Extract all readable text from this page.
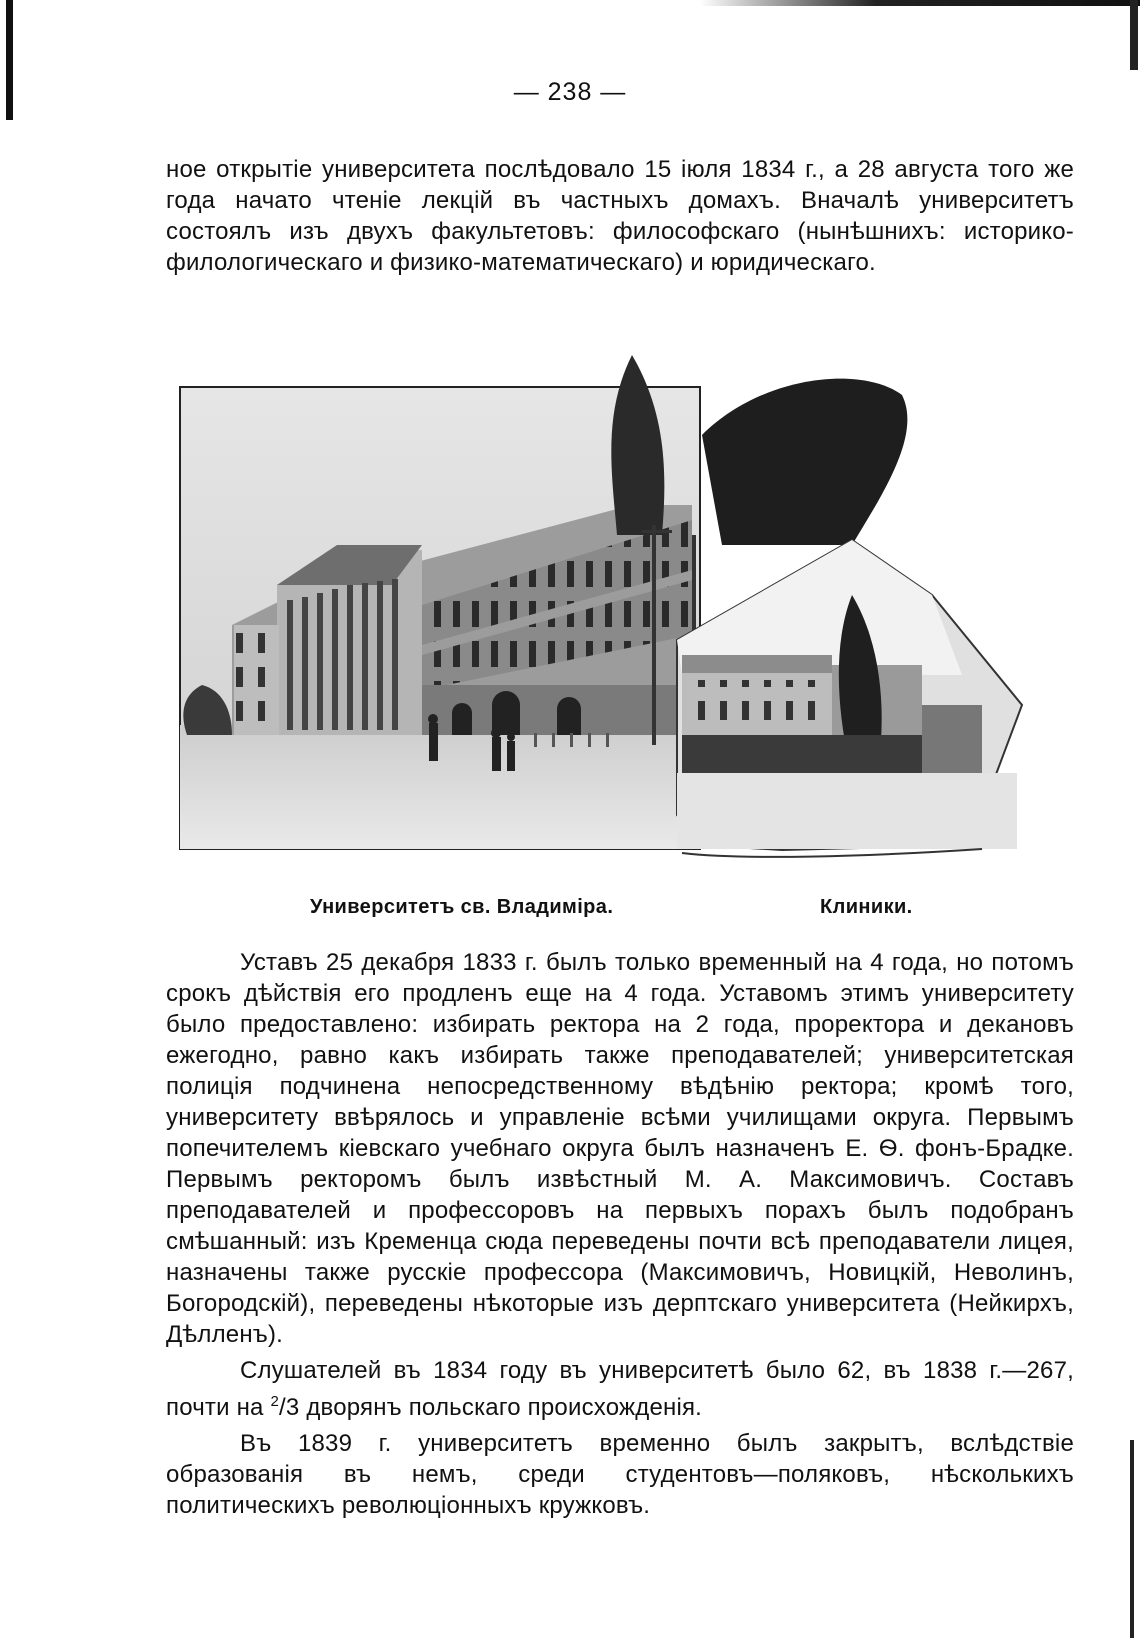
— 238 —

ное открытіе университета послѣдовало 15 іюля 1834 г., а 28 августа того же года начато чтеніе лекцій въ частныхъ домахъ. Вначалѣ университетъ состоялъ изъ двухъ факультетовъ: философскаго (нынѣшнихъ: историко-филологическаго и физико-математическаго) и юридическаго.

Университетъ св. Владиміра.	Клиники.

Уставъ 25 декабря 1833 г. былъ только временный на 4 года, но потомъ срокъ дѣйствія его продленъ еще на 4 года. Уставомъ этимъ университету было предоставлено: избирать ректора на 2 года, проректора и декановъ ежегодно, равно какъ избирать также преподавателей; университетская полиція подчинена непосредственному вѣдѣнію ректора; кромѣ того, университету ввѣрялось и управленіе всѣми училищами округа. Первымъ попечителемъ кіевскаго учебнаго округа былъ назначенъ Е. Ѳ. фонъ-Брадке. Первымъ ректоромъ былъ извѣстный М. А. Максимовичъ. Составъ преподавателей и профессоровъ на первыхъ порахъ былъ подобранъ смѣшанный: изъ Кременца сюда переведены почти всѣ преподаватели лицея, назначены также русскіе профессора (Максимовичъ, Новицкій, Неволинъ, Богородскій), переведены нѣкоторые изъ дерптскаго университета (Нейкирхъ, Дѣлленъ).

Слушателей въ 1834 году въ университетѣ было 62, въ 1838 г.—267, почти на $^2$/3 дворянъ польскаго происхожденія.

Въ 1839 г. университетъ временно былъ закрытъ, вслѣдствіе образованія въ немъ, среди студентовъ—поляковъ, нѣсколькихъ политическихъ революціонныхъ кружковъ.
